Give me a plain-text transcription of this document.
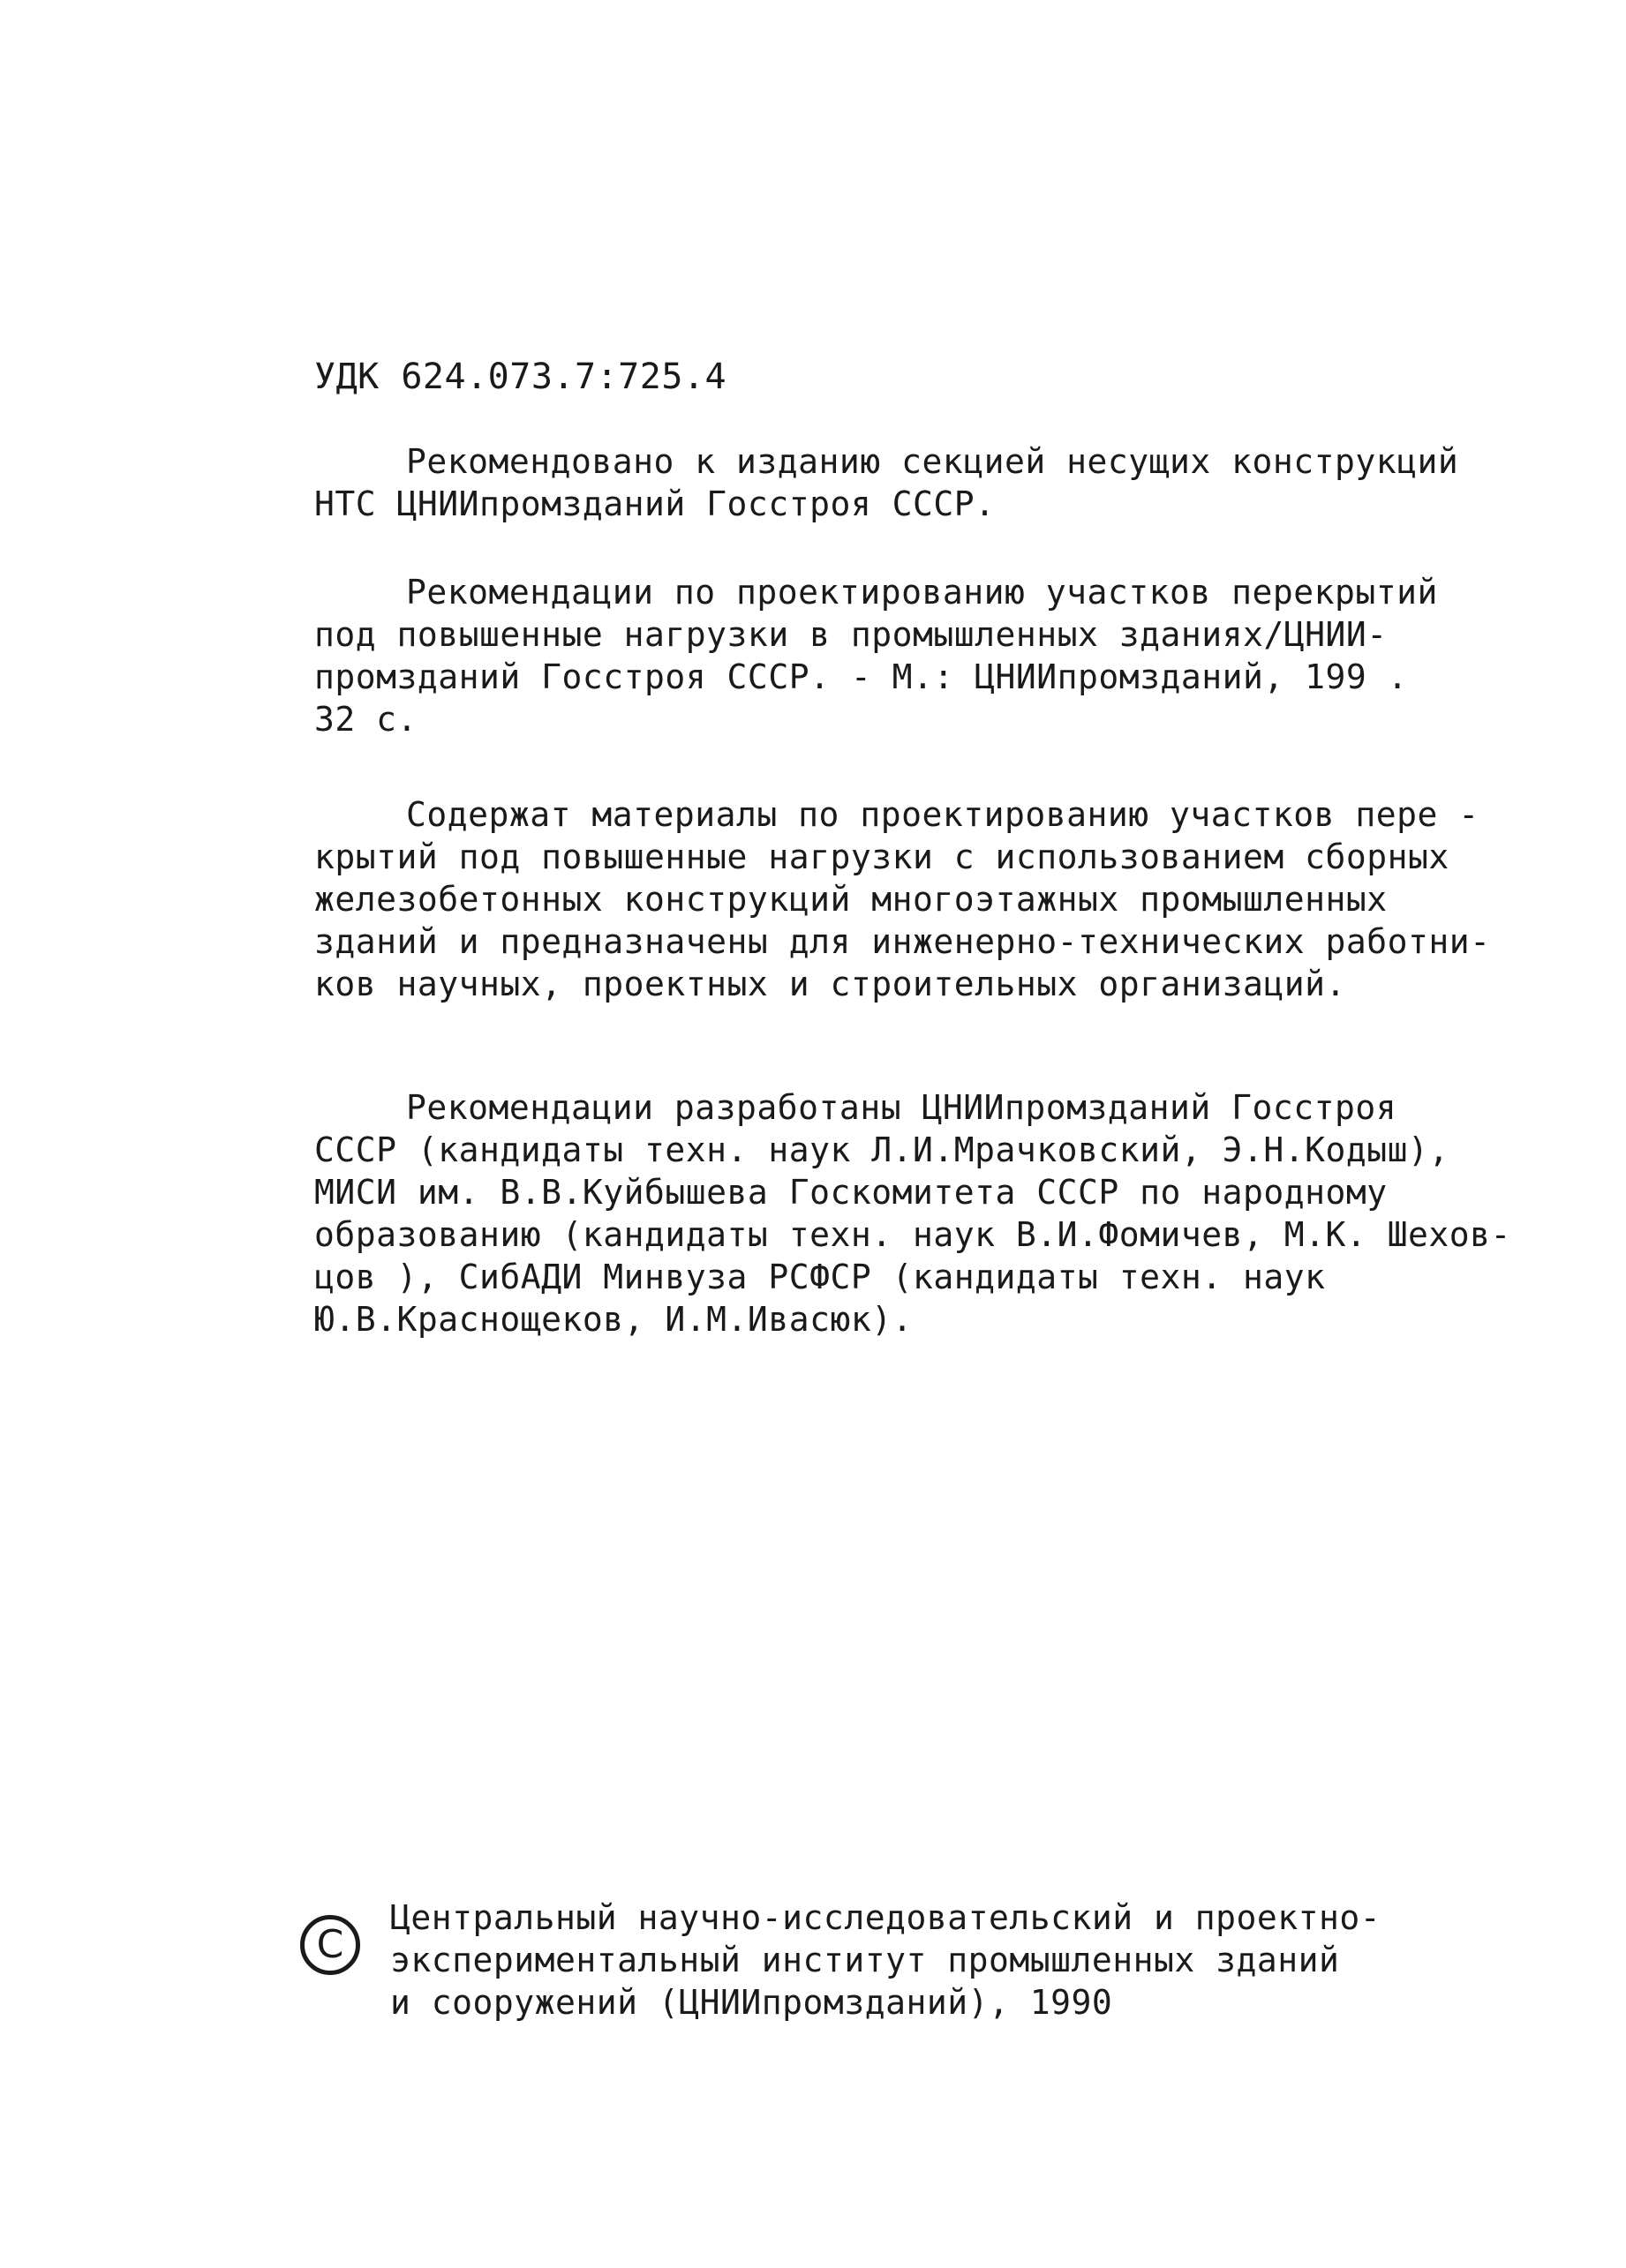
УДК 624.073.7:725.4
Рекомендовано к изданию секцией несущих конструкций
НТС ЦНИИпромзданий Госстроя СССР.
Рекомендации по проектированию участков перекрытий
под повышенные нагрузки в промышленных зданиях/ЦНИИ-
промзданий Госстроя СССР. - М.: ЦНИИпромзданий, 199 .
32 с.
Содержат материалы по проектированию участков пере -
крытий под повышенные нагрузки с использованием сборных
железобетонных конструкций многоэтажных промышленных
зданий и предназначены для инженерно-технических работни-
ков научных, проектных и строительных организаций.
Рекомендации разработаны ЦНИИпромзданий Госстроя
СССР (кандидаты техн. наук Л.И.Мрачковский, Э.Н.Кодыш),
МИСИ им. В.В.Куйбышева Госкомитета СССР по народному
образованию (кандидаты техн. наук В.И.Фомичев, М.К. Шехов-
цов ), СибАДИ Минвуза РСФСР (кандидаты техн. наук
Ю.В.Краснощеков, И.М.Ивасюк).
C
Центральный научно-исследовательский и проектно-
экспериментальный институт промышленных зданий
и сооружений (ЦНИИпромзданий), 1990
